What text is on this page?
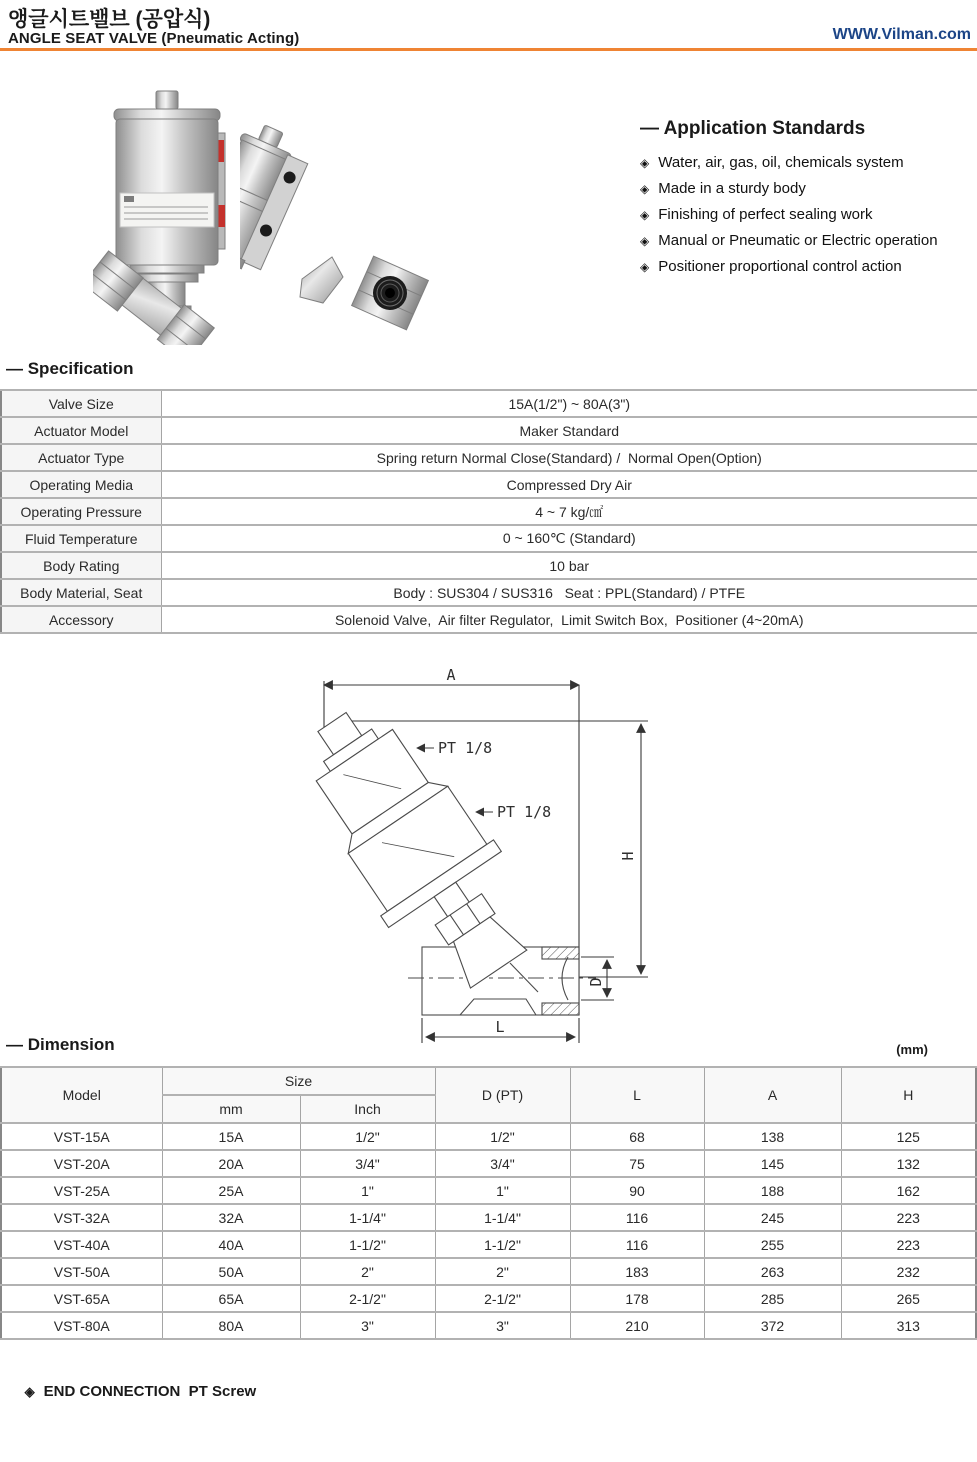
앵글시트밸브 (공압식)
ANGLE SEAT VALVE (Pneumatic Acting)	WWW.Vilman.com
— Application Standards
◈ Water, air, gas, oil, chemicals system
◈ Made in a sturdy body
◈ Finishing of perfect sealing work
◈ Manual or Pneumatic or Electric operation
◈ Positioner proportional control action
— Specification
Valve Size	15A(1/2") ~ 80A(3")
Actuator Model	Maker Standard
Actuator Type	Spring return Normal Close(Standard) /  Normal Open(Option)
Operating Media	Compressed Dry Air
Operating Pressure	4 ~ 7 kg/㎠
Fluid Temperature	0 ~ 160℃ (Standard)
Body Rating	10 bar
Body Material, Seat	Body : SUS304 / SUS316   Seat : PPL(Standard) / PTFE
Accessory	Solenoid Valve,  Air filter Regulator,  Limit Switch Box,  Positioner (4~20mA)
A
H
D
L
PT 1/8
PT 1/8
— Dimension	(mm)
Model	Size		D (PT)	L	A	H
	mm	Inch				
VST-15A	15A	1/2"	1/2"	68	138	125
VST-20A	20A	3/4"	3/4"	75	145	132
VST-25A	25A	1"	1"	90	188	162
VST-32A	32A	1-1/4"	1-1/4"	116	245	223
VST-40A	40A	1-1/2"	1-1/2"	116	255	223
VST-50A	50A	2"	2"	183	263	232
VST-65A	65A	2-1/2"	2-1/2"	178	285	265
VST-80A	80A	3"	3"	210	372	313

◈ END CONNECTION  PT Screw
